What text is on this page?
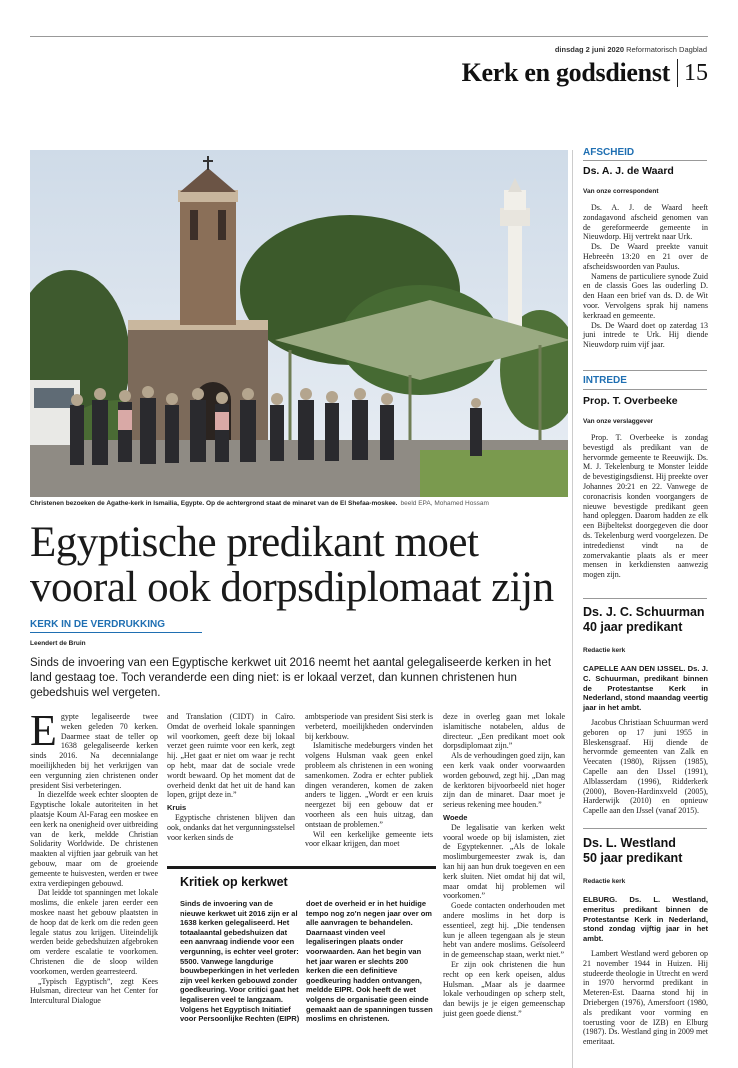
dinsdag 2 juni 2020 Reformatorisch Dagblad
Kerk en godsdienst 15
Christenen bezoeken de Agathe-kerk in Ismailia, Egypte. Op de achtergrond staat de minaret van de El Shefaa-moskee. beeld EPA, Mohamed Hossam
Egyptische predikant moet
vooral ook dorpsdiplomaat zijn
KERK IN DE VERDRUKKING
Leendert de Bruin
Sinds de invoering van een Egyptische kerkwet uit 2016 neemt het aantal gelegaliseerde kerken in het land gestaag toe. Toch veranderde een ding niet: is er lokaal verzet, dan kunnen christenen hun gebedshuis wel vergeten.
E gypte legaliseerde twee weken geleden 70 kerken. Daarmee staat de teller op 1638 gelegaliseerde kerken sinds 2016. Na decennialange moeilijkheden bij het verkrijgen van een vergunning zien christenen onder president Sisi verbeteringen.

In diezelfde week echter sloopten de Egyptische lokale autoriteiten in het plaatsje Koum Al-Farag een moskee en een kerk na onenigheid over uitbreiding van de kerk, meldde Christian Solidarity Worldwide. De christenen maakten al vijftien jaar gebruik van het gebouw, maar om de groeiende gemeente te huisvesten, werden er twee extra verdiepingen gebouwd.

Dat leidde tot spanningen met lokale moslims, die enkele jaren eerder een moskee naast het gebouw plaatsten in de hoop dat de kerk om die reden geen legale status zou krijgen. Uiteindelijk werden beide gebedshuizen afgebroken om verdere escalatie te voorkomen. Christenen die de sloop wilden voorkomen, werden gearresteerd.

„Typisch Egyptisch”, zegt Kees Hulsman, directeur van het Center for Intercultural Dialogue

and Translation (CIDT) in Caïro. Omdat de overheid lokale spanningen wil voorkomen, geeft deze bij lokaal verzet geen ruimte voor een kerk, zegt hij. „Het gaat er niet om waar je recht op hebt, maar dat de sociale vrede wordt bewaard. Op het moment dat de overheid denkt dat het uit de hand kan lopen, grijpt deze in.”

Kruis

Egyptische christenen blijven dan ook, ondanks dat het vergunningsstelsel voor kerken sinds de

ambtsperiode van president Sisi sterk is verbeterd, moeilijkheden ondervinden bij kerkbouw.

Islamitische medeburgers vinden het volgens Hulsman vaak geen enkel probleem als christenen in een woning samenkomen. Zodra er echter publiek dingen veranderen, komen de zaken anders te liggen. „Wordt er een kruis neergezet bij een gebouw dat er voorheen als een huis uitzag, dan ontstaan de problemen.”

Wil een kerkelijke gemeente iets voor elkaar krijgen, dan moet

deze in overleg gaan met lokale islamitische notabelen, aldus de directeur. „Een predikant moet ook dorpsdiplomaat zijn.”

Als de verhoudingen goed zijn, kan een kerk vaak onder voorwaarden worden gebouwd, zegt hij. „Dan mag de kerktoren bijvoorbeeld niet hoger zijn dan de minaret. Daar moet je serieus rekening mee houden.”

Woede

De legalisatie van kerken wekt vooral woede op bij islamisten, ziet de Egyptekenner. „Als de lokale moslimburgemeester zwak is, dan kan hij aan hun druk toegeven en een kerk sluiten. Niet omdat hij dat wil, maar omdat hij problemen wil voorkomen.”

Goede contacten onderhouden met andere moslims in het dorp is essentieel, zegt hij. „Die tendensen kun je alleen tegengaan als je steun hebt van andere moslims. Geïsoleerd in de gemeenschap staan, werkt niet.”

Er zijn ook christenen die hun recht op een kerk opeisen, aldus Hulsman. „Maar als je daarmee lokale verhoudingen op scherp stelt, dan bewijs je je eigen gemeenschap juist geen goede dienst.”

Kritiek op kerkwet
Sinds de invoering van de nieuwe kerkwet uit 2016 zijn er al 1638 kerken gelegaliseerd. Het totaalaantal gebedshuizen dat een aanvraag indiende voor een vergunning, is echter veel groter: 5500. Vanwege langdurige bouwbeperkingen in het verleden zijn veel kerken gebouwd zonder goedkeuring. Voor critici gaat het legaliseren veel te langzaam. Volgens het Egyptisch Initiatief voor Persoonlijke Rechten (EIPR)
doet de overheid er in het huidige tempo nog zo'n negen jaar over om alle aanvragen te behandelen. Daarnaast vinden veel legaliseringen plaats onder voorwaarden. Aan het begin van het jaar waren er slechts 200 kerken die een definitieve goedkeuring hadden ontvangen, meldde EIPR. Ook heeft de wet volgens de organisatie geen einde gemaakt aan de spanningen tussen moslims en christenen.
AFSCHEID
Ds. A. J. de Waard
Van onze correspondent

Ds. A. J. de Waard heeft zondagavond afscheid genomen van de gereformeerde gemeente in Nieuwdorp. Hij vertrekt naar Urk.

Ds. De Waard preekte vanuit Hebreeën 13:20 en 21 over de afscheidswoorden van Paulus.

Namens de particuliere synode Zuid en de classis Goes las ouderling D. den Haan een brief van ds. D. de Wit voor. Vervolgens sprak hij namens kerkraad en gemeente.

Ds. De Waard doet op zaterdag 13 juni intrede te Urk. Hij diende Nieuwdorp ruim vijf jaar.

INTREDE
Prop. T. Overbeeke
Van onze verslaggever

Prop. T. Overbeeke is zondag bevestigd als predikant van de hervormde gemeente te Reeuwijk. Ds. M. J. Tekelenburg te Monster leidde de bevestigingsdienst. Hij preekte over Johannes 20:21 en 22. Vanwege de coronacrisis konden voorgangers de nieuwe bevestigde predikant geen hand opleggen. Daarom hadden ze elk een Bijbeltekst doorgegeven die door ds. Tekelenburg werd voorgelezen. De intrededienst vindt na de zomervakantie plaats als er meer mensen in kerkdiensten aanwezig mogen zijn.

Ds. J. C. Schuurman
40 jaar predikant
Redactie kerk

CAPELLE AAN DEN IJSSEL. Ds. J. C. Schuurman, predikant binnen de Protestantse Kerk in Nederland, stond maandag veertig jaar in het ambt.

Jacobus Christiaan Schuurman werd geboren op 17 juni 1955 in Bleskensgraaf. Hij diende de hervormde gemeenten van Zalk en Veecaten (1980), Rijssen (1985), Capelle aan den IJssel (1991), Alblasserdam (1996), Ridderkerk (2000), Boven-Hardinxveld (2005), Harderwijk (2010) en opnieuw Capelle aan den IJssel (vanaf 2015).

Ds. L. Westland
50 jaar predikant
Redactie kerk

ELBURG. Ds. L. Westland, emeritus predikant binnen de Protestantse Kerk in Nederland, stond zondag vijftig jaar in het ambt.

Lambert Westland werd geboren op 21 november 1944 in Huizen. Hij studeerde theologie in Utrecht en werd in 1970 hervormd predikant in Meteren-Est. Daarna stond hij in Driebergen (1976), Amersfoort (1980, als predikant voor vorming en toerusting voor de IZB) en Elburg (1987). Ds. Westland ging in 2009 met emeritaat.
